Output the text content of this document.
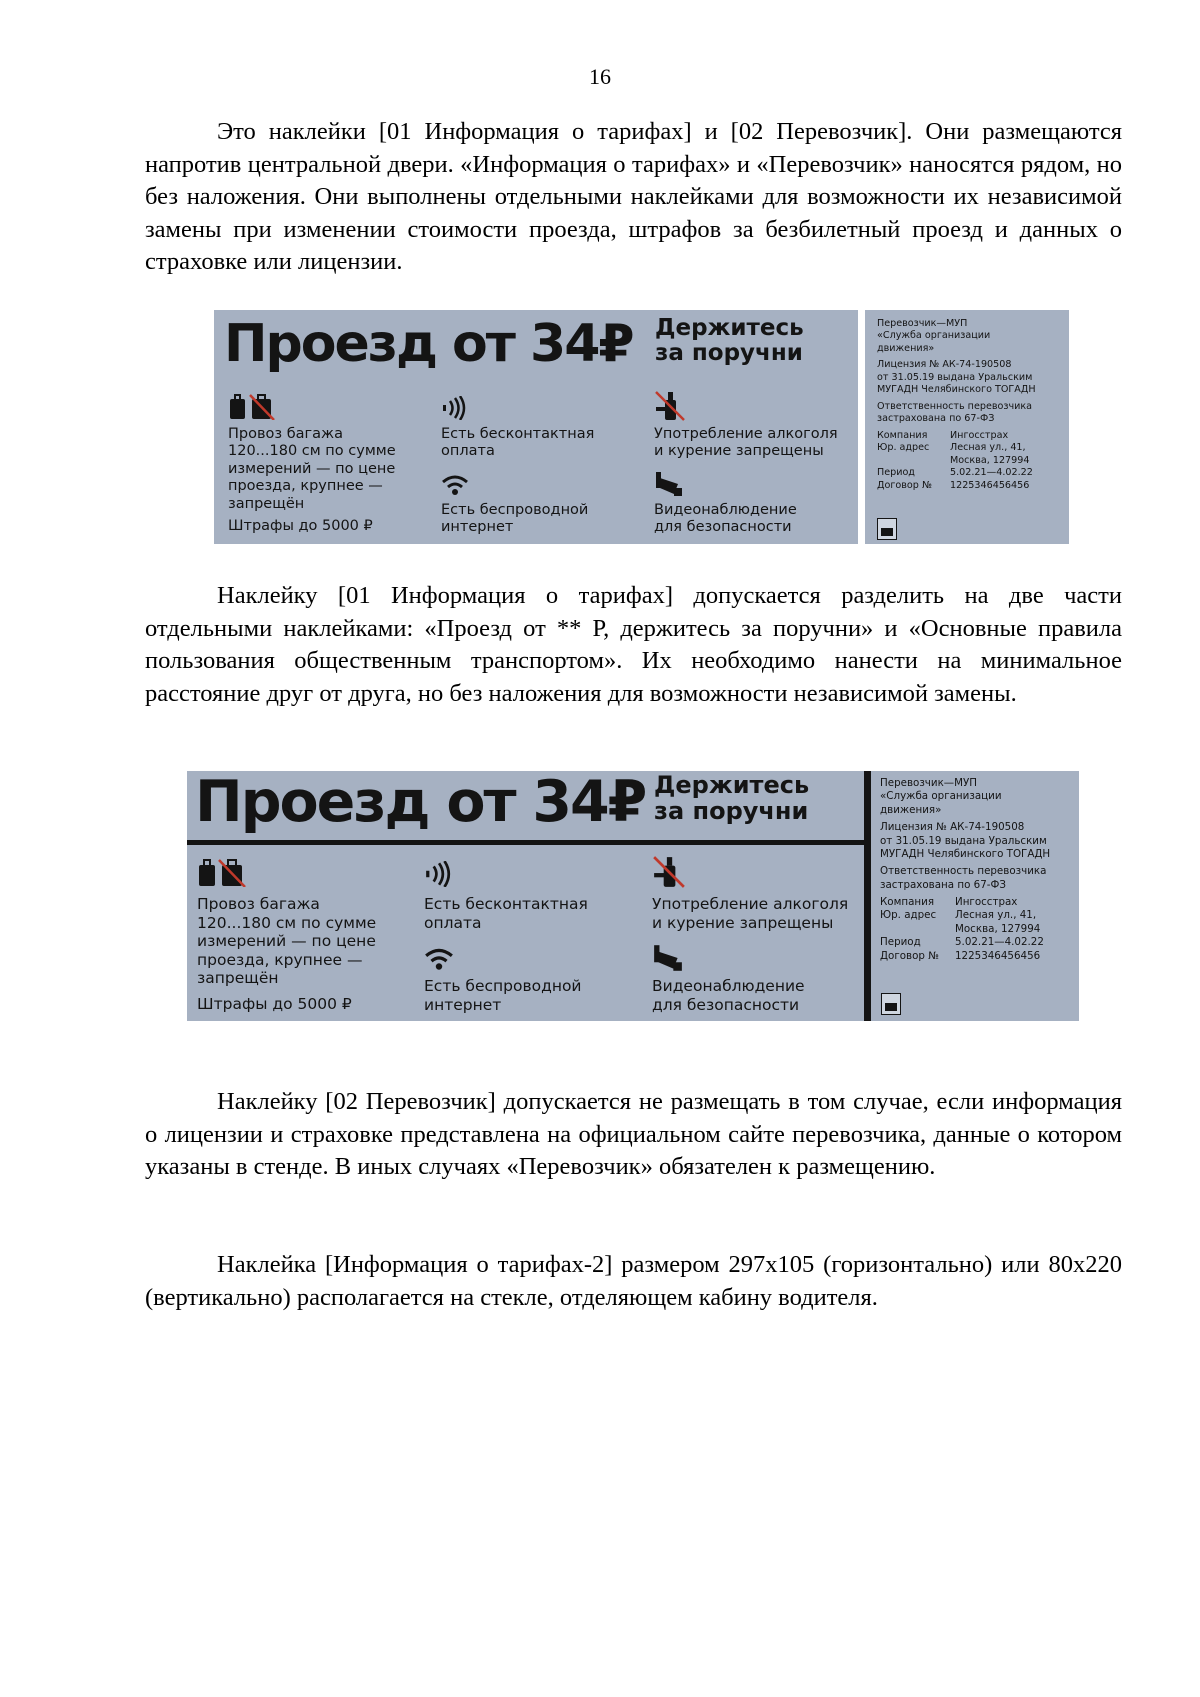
16

Это наклейки [01 Информация о тарифах] и [02 Перевозчик]. Они размещаются напротив центральной двери. «Информация о тарифах» и «Перевозчик» наносятся рядом, но без наложения. Они выполнены отдельными наклейками для возможности их независимой замены при изменении стоимости проезда, штрафов за безбилетный проезд и данных о страховке или лицензии.

Проезд от 34₽ Держитесь
за поручни
Провоз багажа
120...180 см по сумме
измерений — по цене
проезда, крупнее —
запрещён
Штрафы до 5000 ₽
Есть бесконтактная
оплата
Есть беспроводной
интернет
Употребление алкоголя
и курение запрещены
Видеонаблюдение
для безопасности
Перевозчик—МУП
«Служба организации
движения»
Лицензия № АК-74-190508
от 31.05.19 выдана Уральским
МУГАДН Челябинского ТОГАДН
Ответственность перевозчика
застрахована по 67-ФЗ
Компания Ингосстрах
Юр. адрес Лесная ул., 41,
Москва, 127994
Период	5.02.21—4.02.22
Договор № 1225346456456

Наклейку [01 Информация о тарифах] допускается разделить на две части отдельными наклейками: «Проезд от ** Р, держитесь за поручни» и «Основные правила пользования общественным транспортом». Их необходимо нанести на минимальное расстояние друг от друга, но без наложения для возможности независимой замены.

Проезд от 34₽ Держитесь
за поручни
Провоз багажа
120...180 см по сумме
измерений — по цене
проезда, крупнее —
запрещён
Штрафы до 5000 ₽
Есть бесконтактная
оплата
Есть беспроводной
интернет
Употребление алкоголя
и курение запрещены
Видеонаблюдение
для безопасности
Перевозчик—МУП
«Служба организации
движения»
Лицензия № АК-74-190508
от 31.05.19 выдана Уральским
МУГАДН Челябинского ТОГАДН
Ответственность перевозчика
застрахована по 67-ФЗ
Компания Ингосстрах
Юр. адрес Лесная ул., 41,
Москва, 127994
Период	5.02.21—4.02.22
Договор № 1225346456456

Наклейку [02 Перевозчик] допускается не размещать в том случае, если информация о лицензии и страховке представлена на официальном сайте перевозчика, данные о котором указаны в стенде. В иных случаях «Перевозчик» обязателен к размещению.

Наклейка [Информация о тарифах-2] размером 297х105 (горизонтально) или 80х220 (вертикально) располагается на стекле, отделяющем кабину водителя.
